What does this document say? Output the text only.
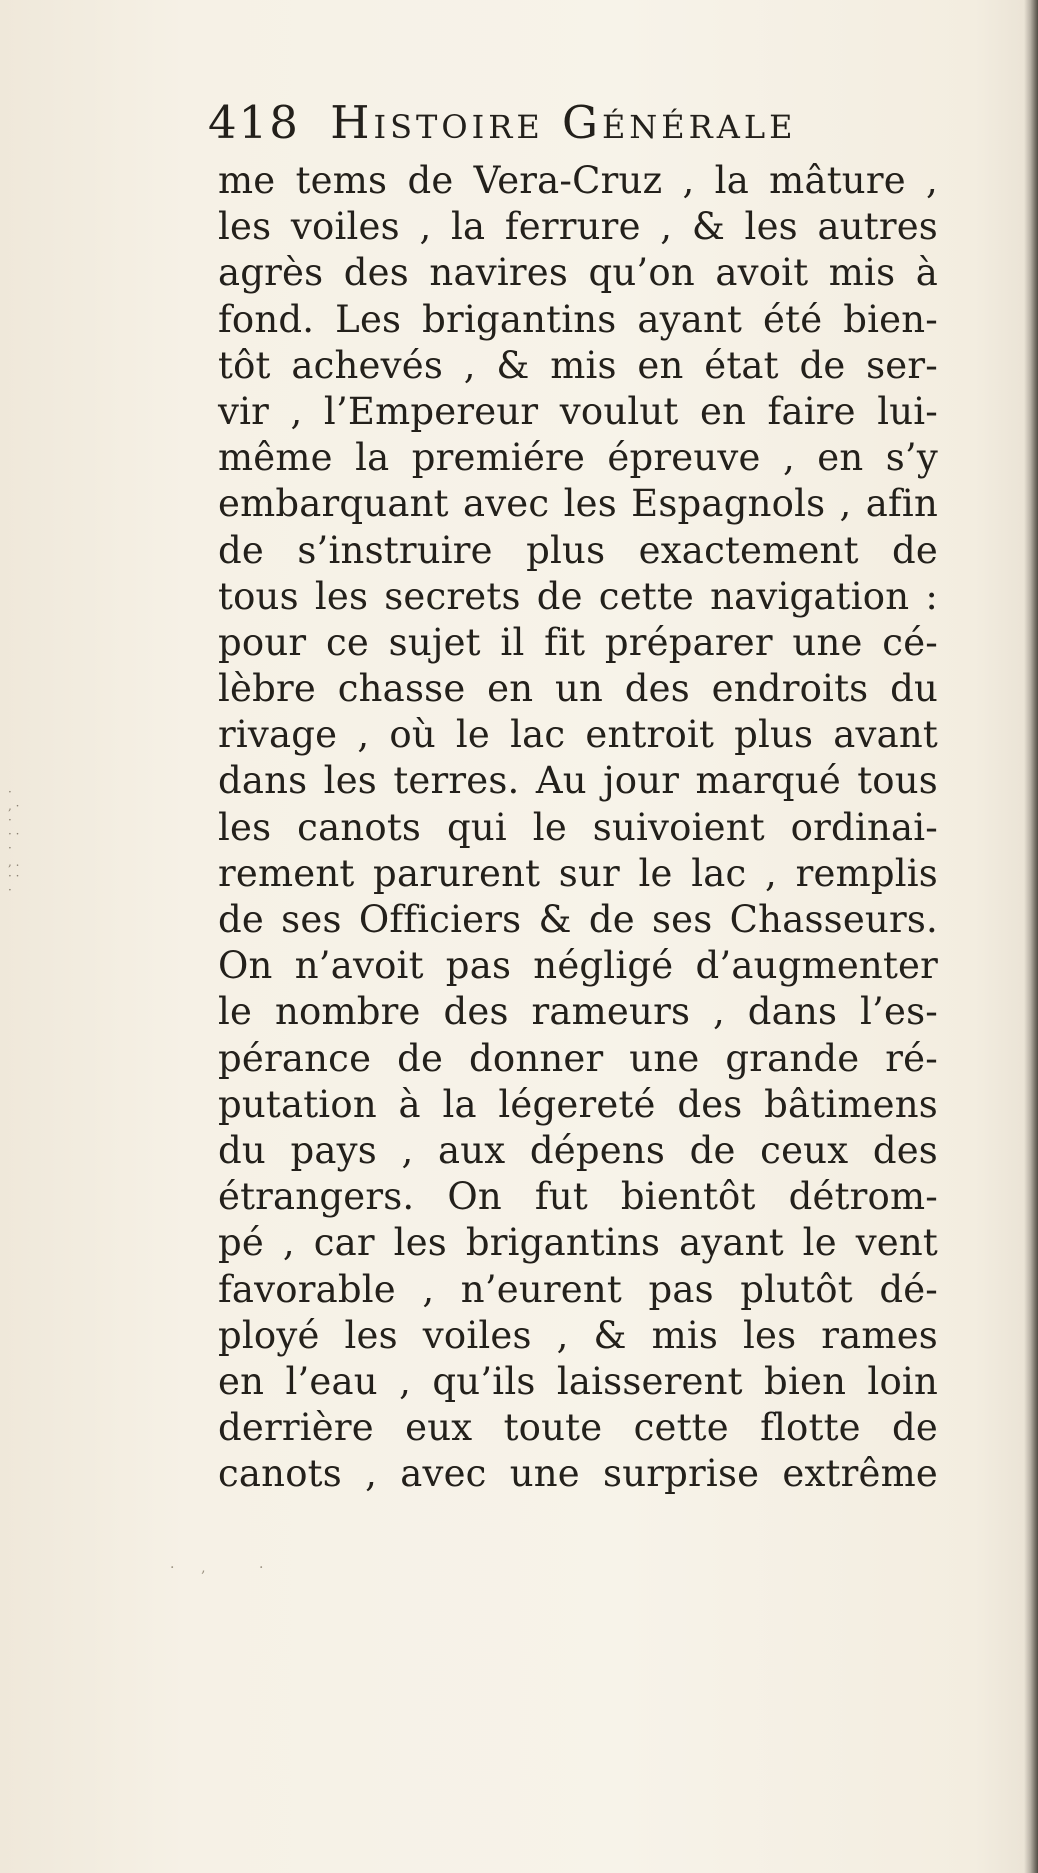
418 Histoire Générale
me tems de Vera-Cruz , la mâture ,
les voiles , la ferrure , & les autres
agrès des navires qu’on avoit mis à
fond. Les brigantins ayant été bien-
tôt achevés , & mis en état de ser-
vir , l’Empereur voulut en faire lui-
même la premiére épreuve , en s’y
embarquant avec les Espagnols , afin
de s’instruire plus exactement de
tous les secrets de cette navigation :
pour ce sujet il fit préparer une cé-
lèbre chasse en un des endroits du
rivage , où le lac entroit plus avant
dans les terres. Au jour marqué tous
les canots qui le suivoient ordinai-
rement parurent sur le lac , remplis
de ses Officiers & de ses Chasseurs.
On n’avoit pas négligé d’augmenter
le nombre des rameurs , dans l’es-
pérance de donner une grande ré-
putation à la légereté des bâtimens
du pays , aux dépens de ceux des
étrangers. On fut bientôt détrom-
pé , car les brigantins ayant le vent
favorable , n’eurent pas plutôt dé-
ployé les voiles , & mis les rames
en l’eau , qu’ils laisserent bien loin
derrière eux toute cette flotte de
canots , avec une surprise extrême
·
, ·
·
· ·
·
, .
· ·
·
·      ,            ·
